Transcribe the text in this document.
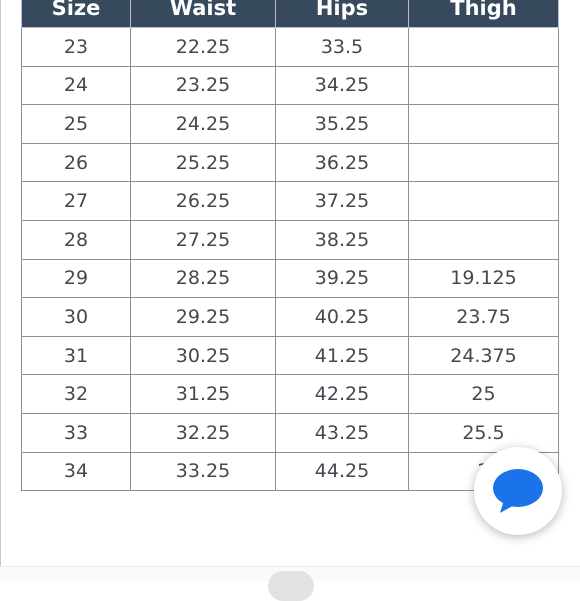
Size	Waist	Hips	Thigh
23	22.25	33.5	
24	23.25	34.25	
25	24.25	35.25	
26	25.25	36.25	
27	26.25	37.25	
28	27.25	38.25	
29	28.25	39.25	19.125
30	29.25	40.25	23.75
31	30.25	41.25	24.375
32	31.25	42.25	25
33	32.25	43.25	25.5
34	33.25	44.25	
